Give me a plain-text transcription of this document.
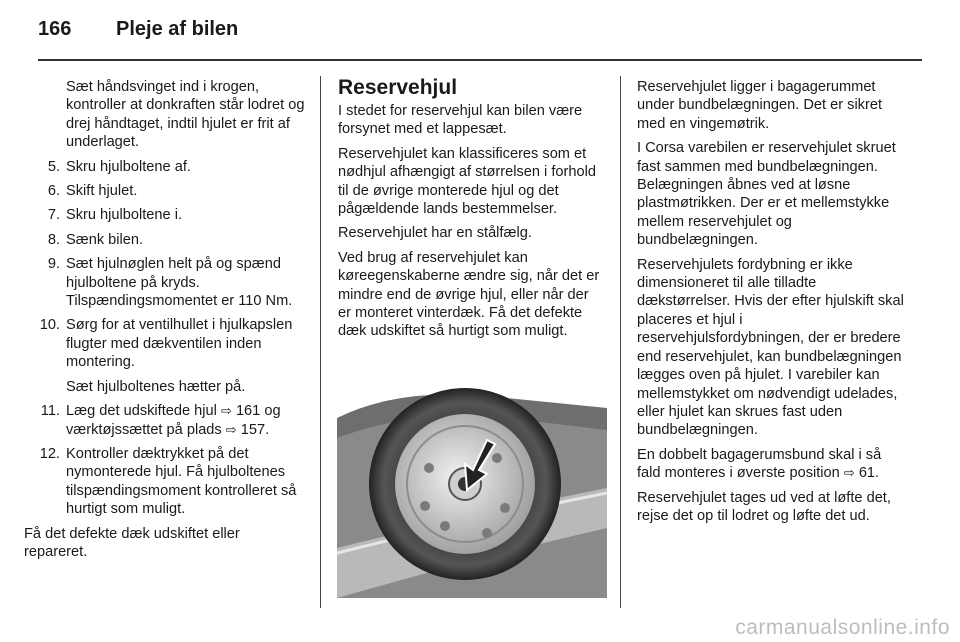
166	Pleje af bilen

Sæt håndsvinget ind i krogen, kontroller at donkraften står lodret og drej håndtaget, indtil hjulet er frit af underlaget.

5. Skru hjulboltene af.
6. Skift hjulet.
7. Skru hjulboltene i.
8. Sænk bilen.
9. Sæt hjulnøglen helt på og spænd hjulboltene på kryds. Tilspændingsmomentet er 110 Nm.
10. Sørg for at ventilhullet i hjulkapslen flugter med dækventilen inden montering.

Sæt hjulboltenes hætter på.

11. Læg det udskiftede hjul ⇨ 161 og værktøjssættet på plads ⇨ 157.
12. Kontroller dæktrykket på det nymonterede hjul. Få hjulboltenes tilspændingsmoment kontrolleret så hurtigt som muligt.

Få det defekte dæk udskiftet eller repareret.

Reservehjul

I stedet for reservehjul kan bilen være forsynet med et lappesæt.

Reservehjulet kan klassificeres som et nødhjul afhængigt af størrelsen i forhold til de øvrige monterede hjul og det pågældende lands bestemmelser.

Reservehjulet har en stålfælg.

Ved brug af reservehjulet kan køreegenskaberne ændre sig, når det er mindre end de øvrige hjul, eller når der er monteret vinterdæk. Få det defekte dæk udskiftet så hurtigt som muligt.

Reservehjulet ligger i bagagerummet under bundbelægningen. Det er sikret med en vingemøtrik.

I Corsa varebilen er reservehjulet skruet fast sammen med bundbelægningen. Belægningen åbnes ved at løsne plastmøtrikken. Der er et mellemstykke mellem reservehjulet og bundbelægningen.

Reservehjulets fordybning er ikke dimensioneret til alle tilladte dækstørrelser. Hvis der efter hjulskift skal placeres et hjul i reservehjulsfordybningen, der er bredere end reservehjulet, kan bundbelægningen lægges oven på hjulet. I varebiler kan mellemstykket om nødvendigt udelades, eller hjulet kan skrues fast uden bundbelægningen.

En dobbelt bagagerumsbund skal i så fald monteres i øverste position ⇨ 61.

Reservehjulet tages ud ved at løfte det, rejse det op til lodret og løfte det ud.

carmanualsonline.info
